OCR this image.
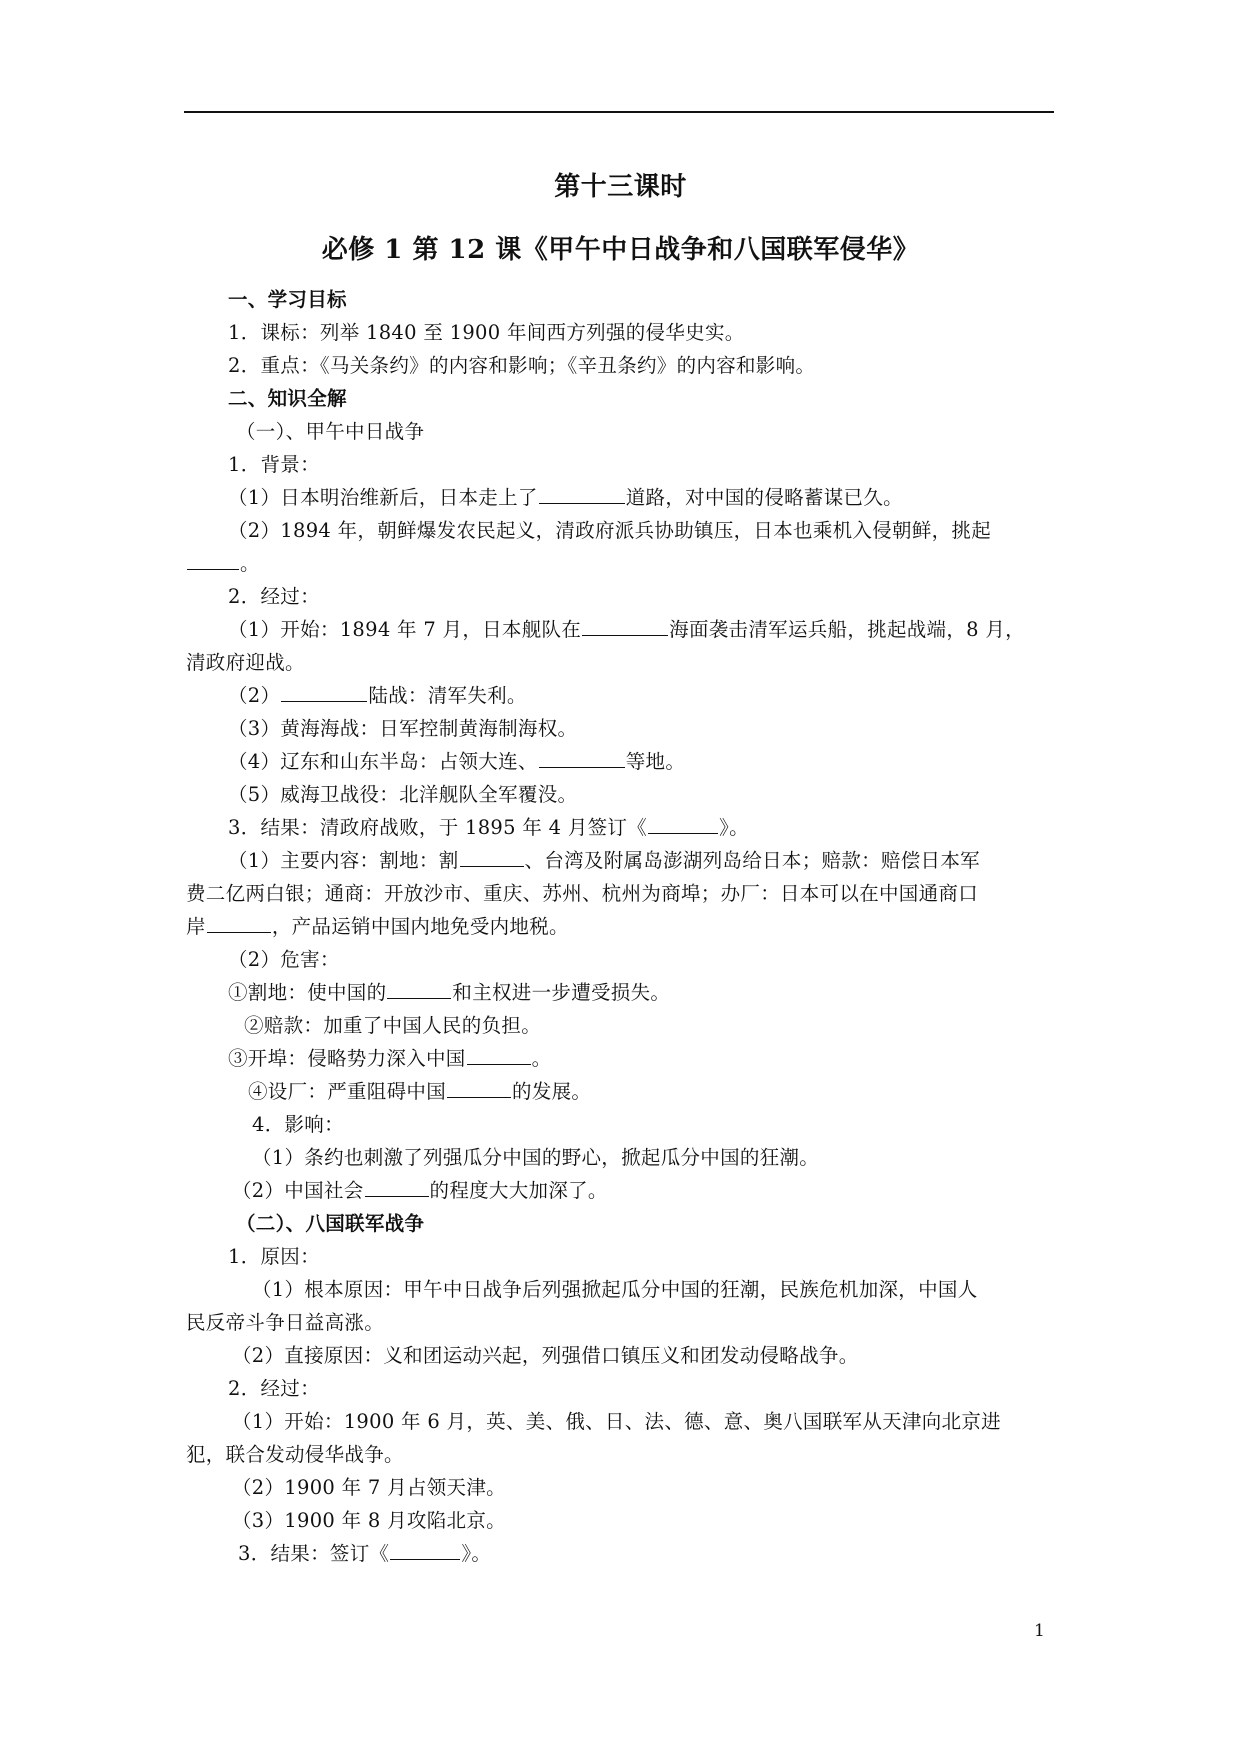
第十三课时
必修 1 第 12 课《甲午中日战争和八国联军侵华》
一、学习目标
1．课标：列举 1840 至 1900 年间西方列强的侵华史实。
2．重点：《马关条约》的内容和影响；《辛丑条约》的内容和影响。
二、知识全解
（一）、甲午中日战争
1．背景：
（1）日本明治维新后，日本走上了	道路，对中国的侵略蓄谋已久。
（2）1894 年，朝鲜爆发农民起义，清政府派兵协助镇压，日本也乘机入侵朝鲜，挑起
。
2．经过：
（1）开始：1894 年 7 月，日本舰队在	海面袭击清军运兵船，挑起战端，8 月，
清政府迎战。
（2）	陆战：清军失利。
（3）黄海海战：日军控制黄海制海权。
（4）辽东和山东半岛：占领大连、	等地。
（5）威海卫战役：北洋舰队全军覆没。
3．结果：清政府战败，于 1895 年 4 月签订《	》。
（1）主要内容：割地：割	、台湾及附属岛澎湖列岛给日本；赔款：赔偿日本军
费二亿两白银；通商：开放沙市、重庆、苏州、杭州为商埠；办厂：日本可以在中国通商口
岸	，产品运销中国内地免受内地税。
（2）危害：
①割地：使中国的	和主权进一步遭受损失。
②赔款：加重了中国人民的负担。
③开埠：侵略势力深入中国	。
④设厂：严重阻碍中国	的发展。
4．影响：
（1）条约也刺激了列强瓜分中国的野心，掀起瓜分中国的狂潮。
（2）中国社会	的程度大大加深了。
（二）、八国联军战争
1．原因：
（1）根本原因：甲午中日战争后列强掀起瓜分中国的狂潮，民族危机加深，中国人
民反帝斗争日益高涨。
（2）直接原因：义和团运动兴起，列强借口镇压义和团发动侵略战争。
2．经过：
（1）开始：1900 年 6 月，英、美、俄、日、法、德、意、奥八国联军从天津向北京进
犯，联合发动侵华战争。
（2）1900 年 7 月占领天津。
（3）1900 年 8 月攻陷北京。
3．结果：签订《	》。
1
